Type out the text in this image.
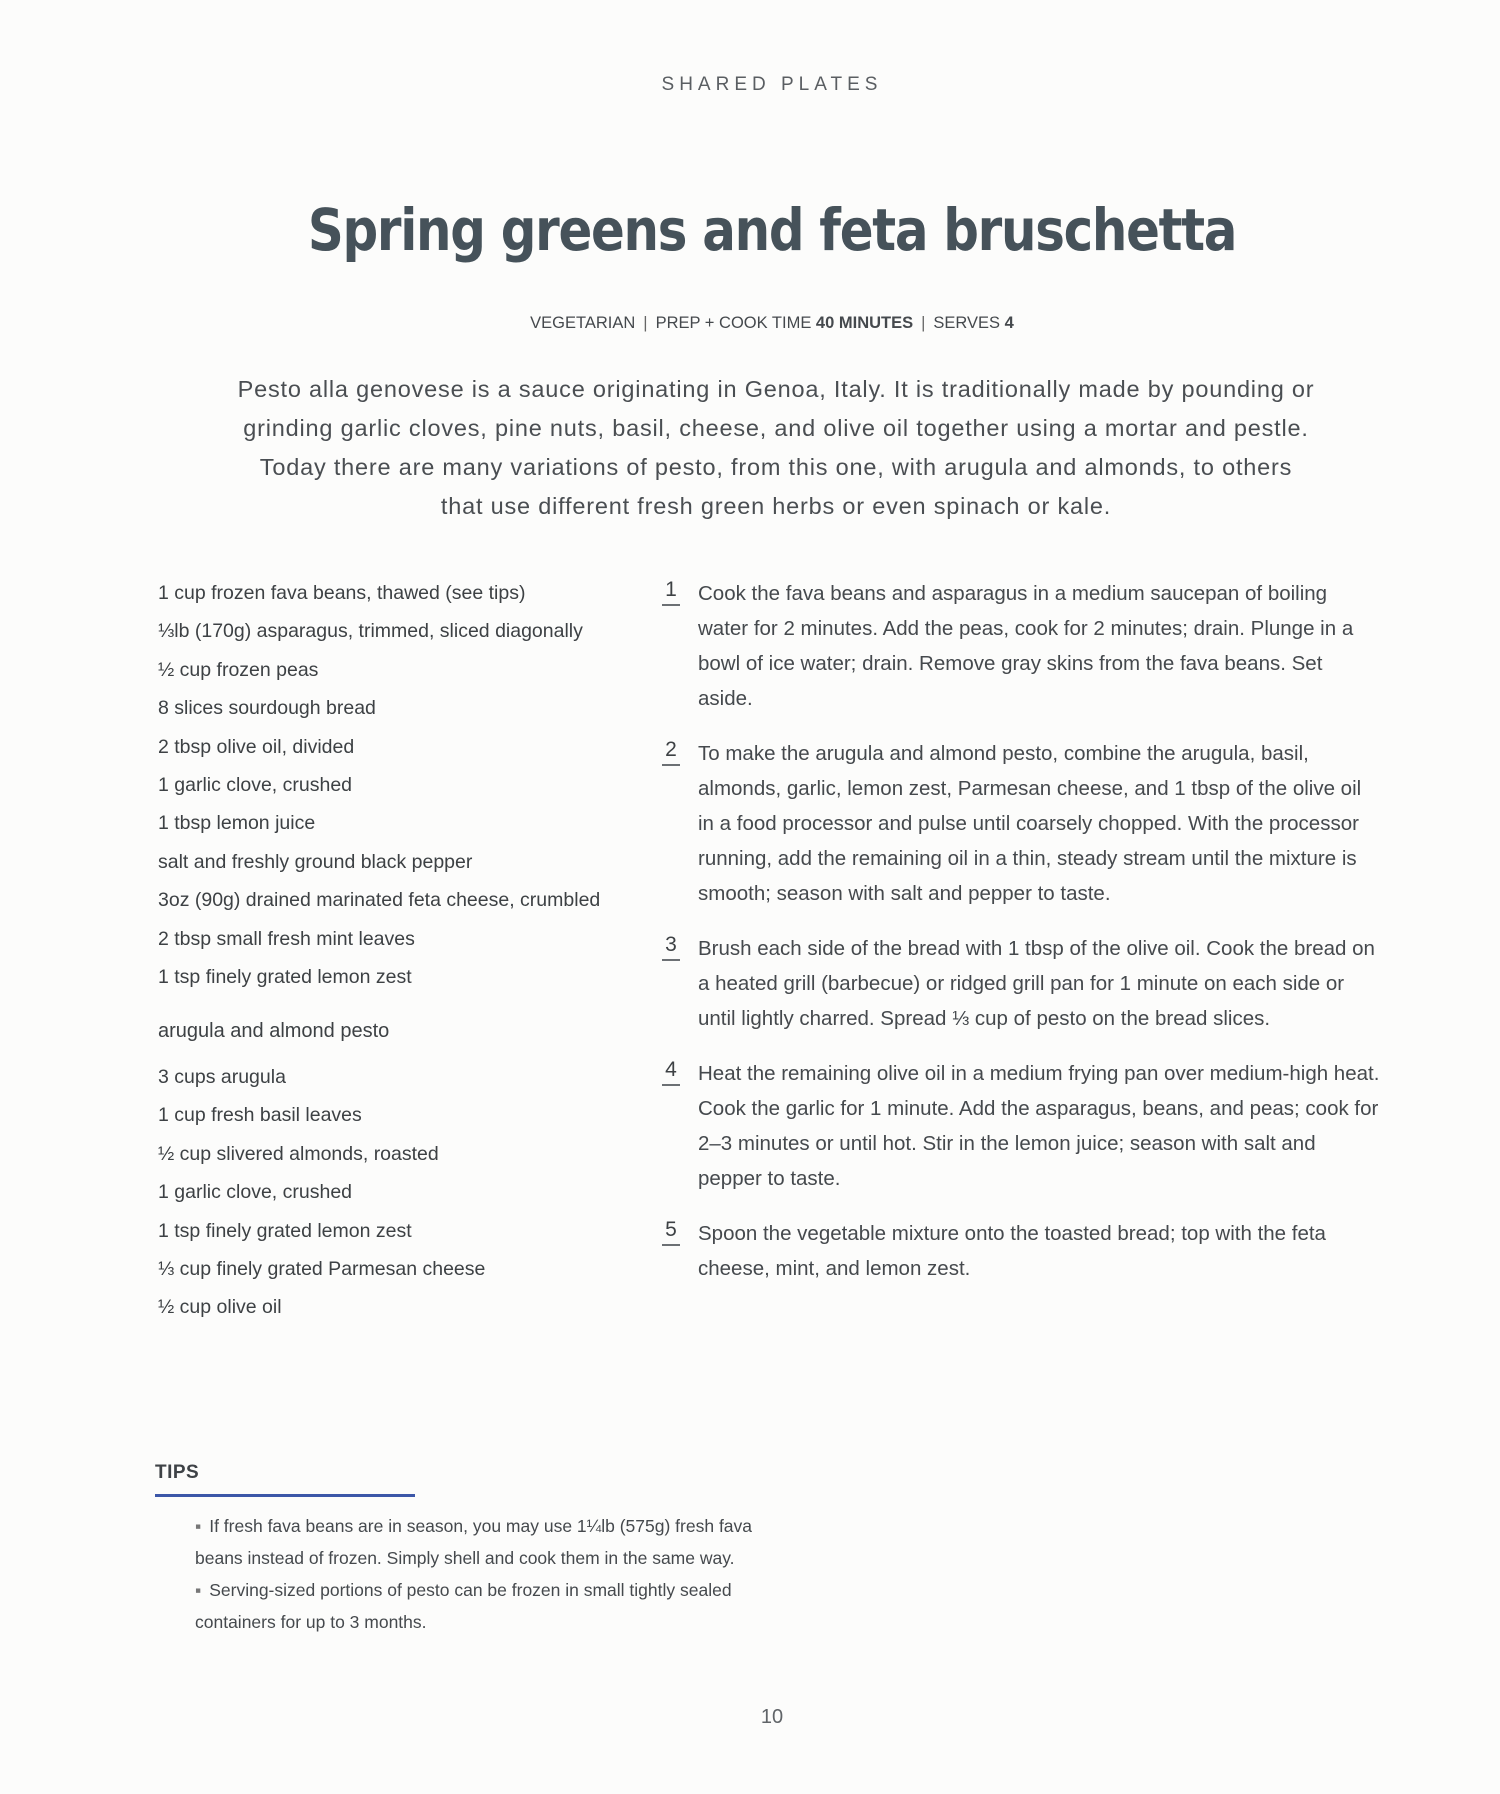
SHARED PLATES
Spring greens and feta bruschetta
VEGETARIAN | PREP + COOK TIME 40 MINUTES | SERVES 4

Pesto alla genovese is a sauce originating in Genoa, Italy. It is traditionally made by pounding or grinding garlic cloves, pine nuts, basil, cheese, and olive oil together using a mortar and pestle. Today there are many variations of pesto, from this one, with arugula and almonds, to others that use different fresh green herbs or even spinach or kale.

1 cup frozen fava beans, thawed (see tips)
⅓lb (170g) asparagus, trimmed, sliced diagonally
½ cup frozen peas
8 slices sourdough bread
2 tbsp olive oil, divided
1 garlic clove, crushed
1 tbsp lemon juice
salt and freshly ground black pepper
3oz (90g) drained marinated feta cheese, crumbled
2 tbsp small fresh mint leaves
1 tsp finely grated lemon zest
arugula and almond pesto
3 cups arugula
1 cup fresh basil leaves
½ cup slivered almonds, roasted
1 garlic clove, crushed
1 tsp finely grated lemon zest
⅓ cup finely grated Parmesan cheese
½ cup olive oil
1 Cook the fava beans and asparagus in a medium saucepan of boiling water for 2 minutes. Add the peas, cook for 2 minutes; drain. Plunge in a bowl of ice water; drain. Remove gray skins from the fava beans. Set aside.
2 To make the arugula and almond pesto, combine the arugula, basil, almonds, garlic, lemon zest, Parmesan cheese, and 1 tbsp of the olive oil in a food processor and pulse until coarsely chopped. With the processor running, add the remaining oil in a thin, steady stream until the mixture is smooth; season with salt and pepper to taste.
3 Brush each side of the bread with 1 tbsp of the olive oil. Cook the bread on a heated grill (barbecue) or ridged grill pan for 1 minute on each side or until lightly charred. Spread ⅓ cup of pesto on the bread slices.
4 Heat the remaining olive oil in a medium frying pan over medium-high heat. Cook the garlic for 1 minute. Add the asparagus, beans, and peas; cook for 2–3 minutes or until hot. Stir in the lemon juice; season with salt and pepper to taste.
5 Spoon the vegetable mixture onto the toasted bread; top with the feta cheese, mint, and lemon zest.
TIPS
▪ If fresh fava beans are in season, you may use 1¼lb (575g) fresh fava beans instead of frozen. Simply shell and cook them in the same way.
▪ Serving-sized portions of pesto can be frozen in small tightly sealed containers for up to 3 months.
10
